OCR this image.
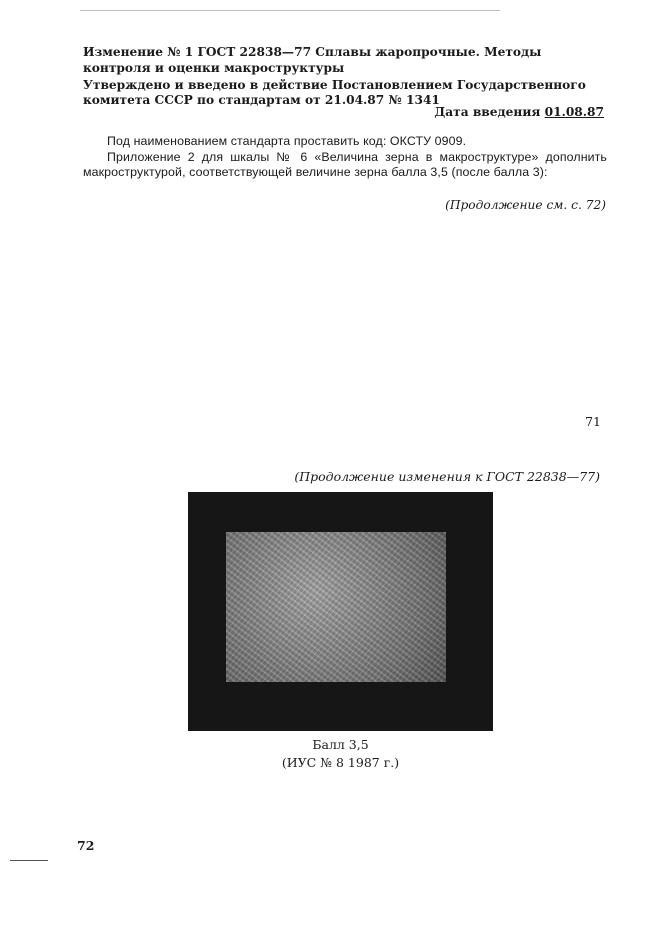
Изменение № 1 ГОСТ 22838—77 Сплавы жаропрочные. Методы контроля и оценки макроструктуры
Утверждено и введено в действие Постановлением Государственного комитета СССР по стандартам от 21.04.87 № 1341
Дата введения 01.08.87
Под наименованием стандарта проставить код: ОКСТУ 0909.
Приложение 2 для шкалы № 6 «Величина зерна в макроструктуре» дополнить макроструктурой, соответствующей величине зерна балла 3,5 (после балла 3):
(Продолжение см. с. 72)
71
(Продолжение изменения к ГОСТ 22838—77)
Балл 3,5
(ИУС № 8 1987 г.)
72
